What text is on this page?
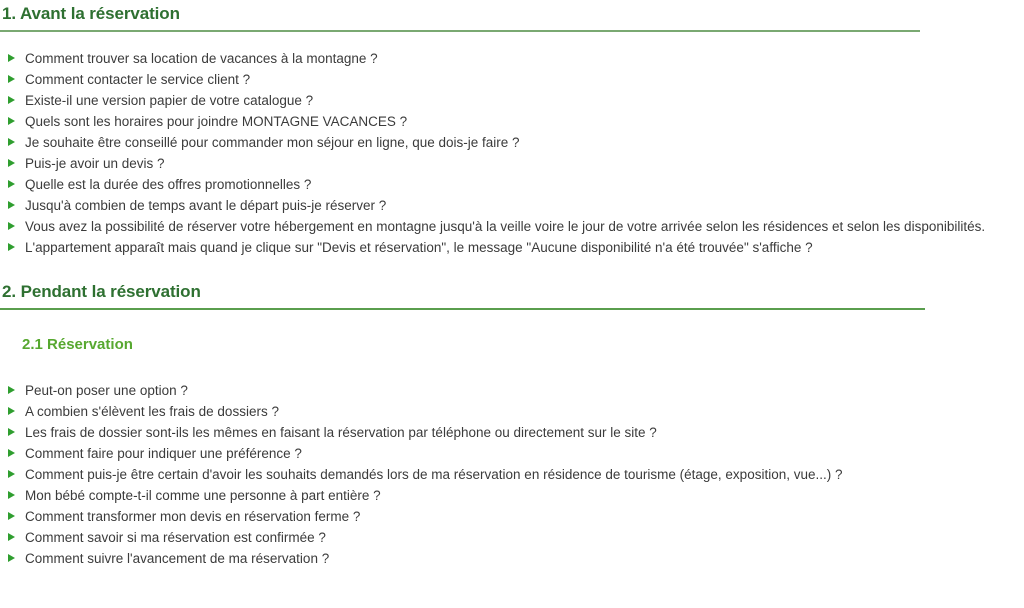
1. Avant la réservation
Comment trouver sa location de vacances à la montagne ?
Comment contacter le service client ?
Existe-il une version papier de votre catalogue ?
Quels sont les horaires pour joindre MONTAGNE VACANCES ?
Je souhaite être conseillé pour commander mon séjour en ligne, que dois-je faire ?
Puis-je avoir un devis ?
Quelle est la durée des offres promotionnelles ?
Jusqu'à combien de temps avant le départ puis-je réserver ?
Vous avez la possibilité de réserver votre hébergement en montagne jusqu'à la veille voire le jour de votre arrivée selon les résidences et selon les disponibilités.
L'appartement apparaît mais quand je clique sur "Devis et réservation", le message "Aucune disponibilité n'a été trouvée" s'affiche ?
2. Pendant la réservation
2.1 Réservation
Peut-on poser une option ?
A combien s'élèvent les frais de dossiers ?
Les frais de dossier sont-ils les mêmes en faisant la réservation par téléphone ou directement sur le site ?
Comment faire pour indiquer une préférence ?
Comment puis-je être certain d'avoir les souhaits demandés lors de ma réservation en résidence de tourisme (étage, exposition, vue...) ?
Mon bébé compte-t-il comme une personne à part entière ?
Comment transformer mon devis en réservation ferme ?
Comment savoir si ma réservation est confirmée ?
Comment suivre l'avancement de ma réservation ?
